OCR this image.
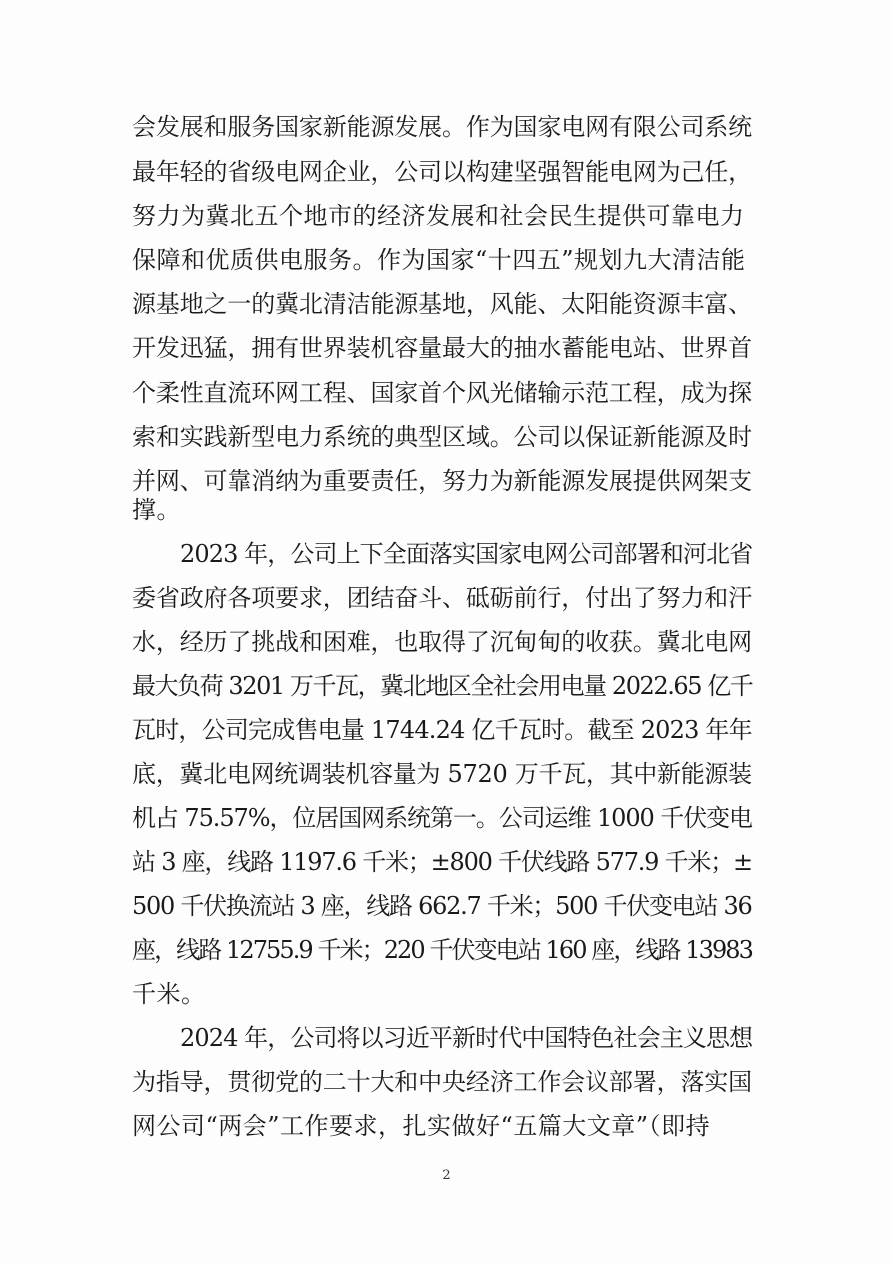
会发展和服务国家新能源发展。作为国家电网有限公司系统
最年轻的省级电网企业，公司以构建坚强智能电网为己任，
努力为冀北五个地市的经济发展和社会民生提供可靠电力
保障和优质供电服务。作为国家“十四五”规划九大清洁能
源基地之一的冀北清洁能源基地，风能、太阳能资源丰富、
开发迅猛，拥有世界装机容量最大的抽水蓄能电站、世界首
个柔性直流环网工程、国家首个风光储输示范工程，成为探
索和实践新型电力系统的典型区域。公司以保证新能源及时
并网、可靠消纳为重要责任，努力为新能源发展提供网架支
撑。
2023 年，公司上下全面落实国家电网公司部署和河北省
委省政府各项要求，团结奋斗、砥砺前行，付出了努力和汗
水，经历了挑战和困难，也取得了沉甸甸的收获。冀北电网
最大负荷 3201 万千瓦，冀北地区全社会用电量 2022.65 亿千
瓦时，公司完成售电量 1744.24 亿千瓦时。截至 2023 年年
底，冀北电网统调装机容量为 5720 万千瓦，其中新能源装
机占 75.57%，位居国网系统第一。公司运维 1000 千伏变电
站 3 座，线路 1197.6 千米；±800 千伏线路 577.9 千米；±
500 千伏换流站 3 座，线路 662.7 千米；500 千伏变电站 36
座，线路 12755.9 千米；220 千伏变电站 160 座，线路 13983
千米。
2024 年，公司将以习近平新时代中国特色社会主义思想
为指导，贯彻党的二十大和中央经济工作会议部署，落实国
网公司“两会”工作要求，扎实做好“五篇大文章”（即持
2
